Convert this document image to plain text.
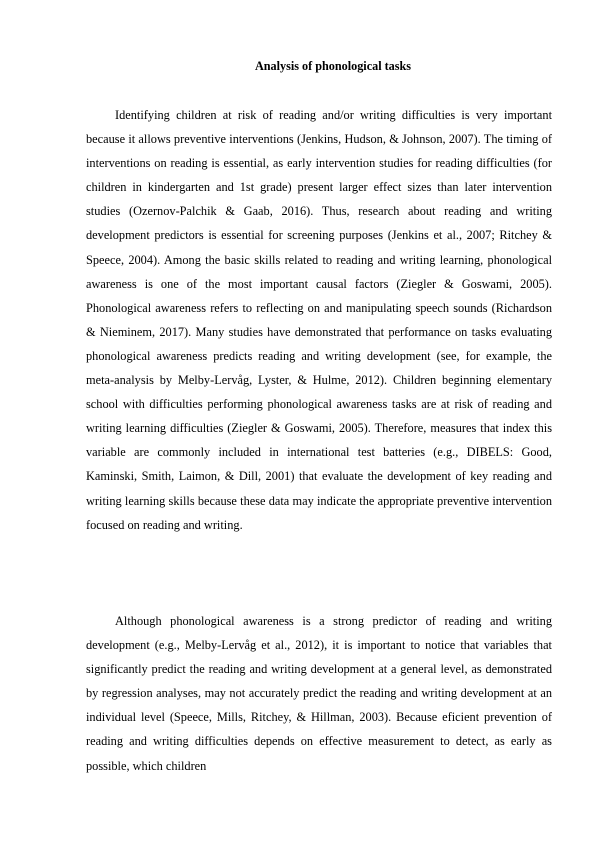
Analysis of phonological tasks

Identifying children at risk of reading and/or writing difficulties is very important because it allows preventive interventions (Jenkins, Hudson, & Johnson, 2007). The timing of interventions on reading is essential, as early intervention studies for reading difficulties (for children in kindergarten and 1st grade) present larger effect sizes than later intervention studies (Ozernov-Palchik & Gaab, 2016). Thus, research about reading and writing development predictors is essential for screening purposes (Jenkins et al., 2007; Ritchey & Speece, 2004). Among the basic skills related to reading and writing learning, phonological awareness is one of the most important causal factors (Ziegler & Goswami, 2005). Phonological awareness refers to reflecting on and manipulating speech sounds (Richardson & Nieminem, 2017). Many studies have demonstrated that performance on tasks evaluating phonological awareness predicts reading and writing development (see, for example, the meta-analysis by Melby-Lervåg, Lyster, & Hulme, 2012). Children beginning elementary school with difficulties performing phonological awareness tasks are at risk of reading and writing learning difficulties (Ziegler & Goswami, 2005). Therefore, measures that index this variable are commonly included in international test batteries (e.g., DIBELS: Good, Kaminski, Smith, Laimon, & Dill, 2001) that evaluate the development of key reading and writing learning skills because these data may indicate the appropriate preventive intervention focused on reading and writing.

Although phonological awareness is a strong predictor of reading and writing development (e.g., Melby-Lervåg et al., 2012), it is important to notice that variables that significantly predict the reading and writing development at a general level, as demonstrated by regression analyses, may not accurately predict the reading and writing development at an individual level (Speece, Mills, Ritchey, & Hillman, 2003). Because eficient prevention of reading and writing difficulties depends on effective measurement to detect, as early as possible, which children
